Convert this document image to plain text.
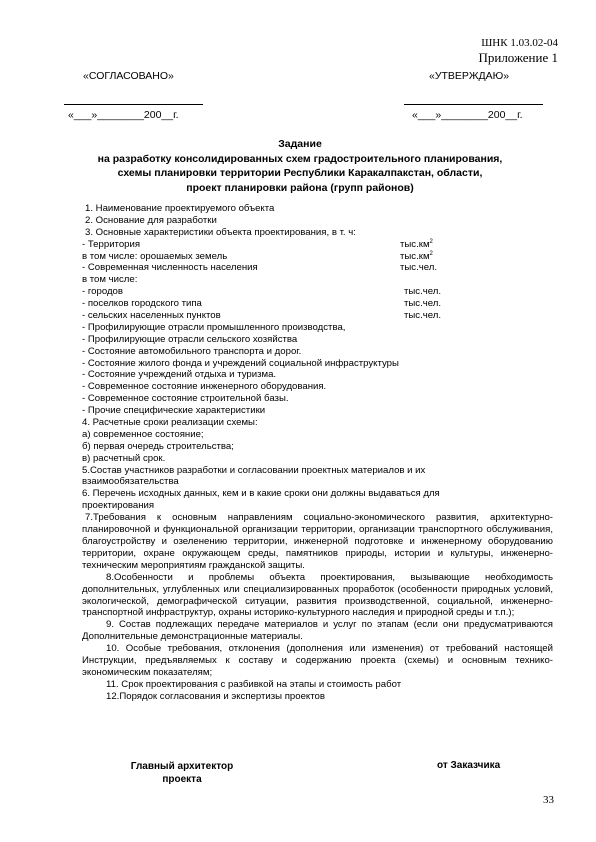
ШНК 1.03.02-04
Приложение 1
«СОГЛАСОВАНО»	«УТВЕРЖДАЮ»
«___»________200__г.	«___»________200__г.
Задание
на разработку консолидированных схем градостроительного планирования,
схемы планировки территории Республики Каракалпакстан, области,
проект планировки района (групп районов)
1. Наименование проектируемого объекта
2. Основание для разработки
3. Основные характеристики объекта проектирования, в т. ч:
- Территория	$тыс.км^2$
в том числе: орошаемых земель	$тыс.км^2$
- Современная численность населения	тыс.чел.
в том числе:
- городов	тыс.чел.
- поселков городского типа	тыс.чел.
- сельских населенных пунктов	тыс.чел.
- Профилирующие отрасли промышленного производства,
- Профилирующие отрасли сельского хозяйства
- Состояние автомобильного транспорта и дорог.
- Состояние жилого фонда и учреждений социальной инфраструктуры
- Состояние учреждений отдыха и туризма.
- Современное состояние инженерного оборудования.
- Современное состояние строительной базы.
- Прочие специфические характеристики
4. Расчетные сроки реализации схемы:
а) современное состояние;
б) первая очередь строительства;
в) расчетный срок.
5.Состав участников разработки и согласовании проектных материалов и их
взаимообязательства
6. Перечень исходных данных, кем и в какие сроки они должны выдаваться для
проектирования
7.Требования к основным направлениям социально-экономического развития, архитектурно-планировочной и функциональной организации территории, организации транспортного обслуживания, благоустройству и озеленению территории, инженерной подготовке и инженерному оборудованию территории, охране окружающем среды, памятников природы, истории и культуры, инженерно-техническим мероприятиям гражданской защиты.
8.Особенности и проблемы объекта проектирования, вызывающие необходимость дополнительных, углубленных или специализированных проработок (особенности природных условий, экологической, демографической ситуации, развития производственной, социальной, инженерно-транспортной инфраструктур, охраны историко-культурного наследия и природной среды и т.п.);
9. Состав подлежащих передаче материалов и услуг по этапам (если они предусматриваются Дополнительные демонстрационные материалы.
10. Особые требования, отклонения (дополнения или изменения) от требований настоящей Инструкции, предъявляемых к составу и содержанию проекта (схемы) и основным технико-экономическим показателям;
11. Срок проектирования с разбивкой на этапы и стоимость работ
12.Порядок согласования и экспертизы проектов
Главный архитектор
проекта
от Заказчика
33
